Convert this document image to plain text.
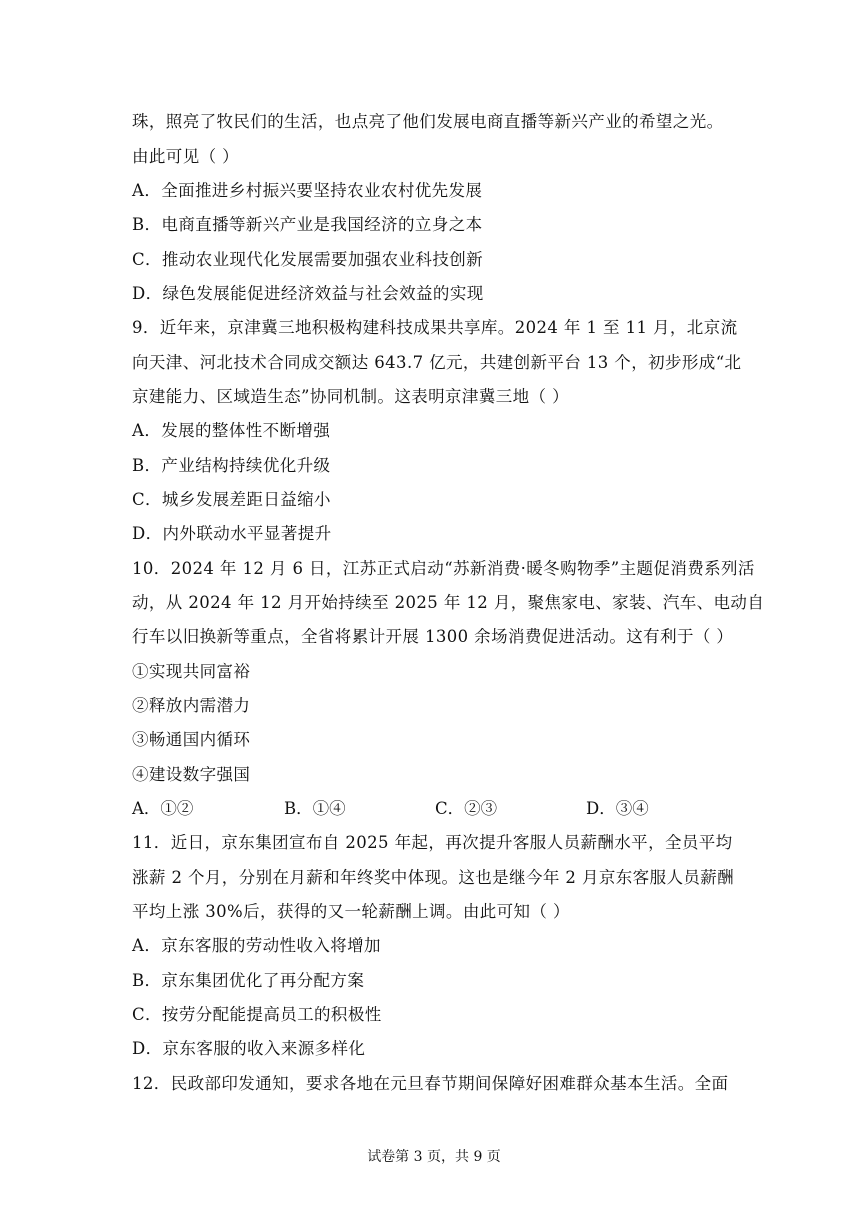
珠，照亮了牧民们的生活，也点亮了他们发展电商直播等新兴产业的希望之光。
由此可见（ ）
A．全面推进乡村振兴要坚持农业农村优先发展
B．电商直播等新兴产业是我国经济的立身之本
C．推动农业现代化发展需要加强农业科技创新
D．绿色发展能促进经济效益与社会效益的实现
9．近年来，京津冀三地积极构建科技成果共享库。2024 年 1 至 11 月，北京流
向天津、河北技术合同成交额达 643.7 亿元，共建创新平台 13 个，初步形成“北
京建能力、区域造生态”协同机制。这表明京津冀三地（ ）
A．发展的整体性不断增强
B．产业结构持续优化升级
C．城乡发展差距日益缩小
D．内外联动水平显著提升
10．2024 年 12 月 6 日，江苏正式启动“苏新消费·暖冬购物季”主题促消费系列活
动，从 2024 年 12 月开始持续至 2025 年 12 月，聚焦家电、家装、汽车、电动自
行车以旧换新等重点，全省将累计开展 1300 余场消费促进活动。这有利于（ ）
①实现共同富裕
②释放内需潜力
③畅通国内循环
④建设数字强国
A．①②	B．①④	C．②③	D．③④
11．近日，京东集团宣布自 2025 年起，再次提升客服人员薪酬水平，全员平均
涨薪 2 个月，分别在月薪和年终奖中体现。这也是继今年 2 月京东客服人员薪酬
平均上涨 30%后，获得的又一轮薪酬上调。由此可知（ ）
A．京东客服的劳动性收入将增加
B．京东集团优化了再分配方案
C．按劳分配能提高员工的积极性
D．京东客服的收入来源多样化
12．民政部印发通知，要求各地在元旦春节期间保障好困难群众基本生活。全面
试卷第 3 页，共 9 页
